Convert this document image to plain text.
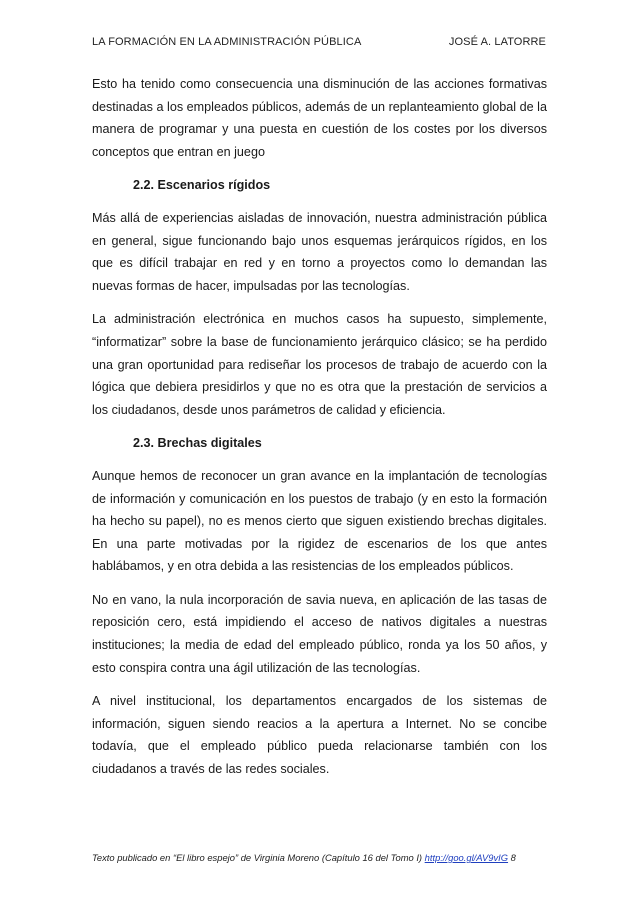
LA FORMACIÓN EN LA ADMINISTRACIÓN PÚBLICA	JOSÉ A. LATORRE

Esto ha tenido como consecuencia una disminución de las acciones formativas destinadas a los empleados públicos, además de un replanteamiento global de la manera de programar y una puesta en cuestión de los costes por los diversos conceptos que entran en juego

2.2. Escenarios rígidos

Más allá de experiencias aisladas de innovación, nuestra administración pública en general, sigue funcionando bajo unos esquemas jerárquicos rígidos, en los que es difícil trabajar en red y en torno a proyectos como lo demandan las nuevas formas de hacer, impulsadas por las tecnologías.

La administración electrónica en muchos casos ha supuesto, simplemente, “informatizar” sobre la base de funcionamiento jerárquico clásico; se ha perdido una gran oportunidad para rediseñar los procesos de trabajo de acuerdo con la lógica que debiera presidirlos y que no es otra que la prestación de servicios a los ciudadanos, desde unos parámetros de calidad y eficiencia.

2.3. Brechas digitales

Aunque hemos de reconocer un gran avance en la implantación de tecnologías de información y comunicación en los puestos de trabajo (y en esto la formación ha hecho su papel), no es menos cierto que siguen existiendo brechas digitales. En una parte motivadas por la rigidez de escenarios de los que antes hablábamos, y en otra debida a las resistencias de los empleados públicos.

No en vano, la nula incorporación de savia nueva, en aplicación de las tasas de reposición cero, está impidiendo el acceso de nativos digitales a nuestras instituciones; la media de edad del empleado público, ronda ya los 50 años, y esto conspira contra una ágil utilización de las tecnologías.

A nivel institucional, los departamentos encargados de los sistemas de información, siguen siendo reacios a la apertura a Internet. No se concibe todavía, que el empleado público pueda relacionarse también con los ciudadanos a través de las redes sociales.

Texto publicado en “El libro espejo” de Virginia Moreno (Capítulo 16 del Tomo I) http://goo.gl/AV9vIG 8
